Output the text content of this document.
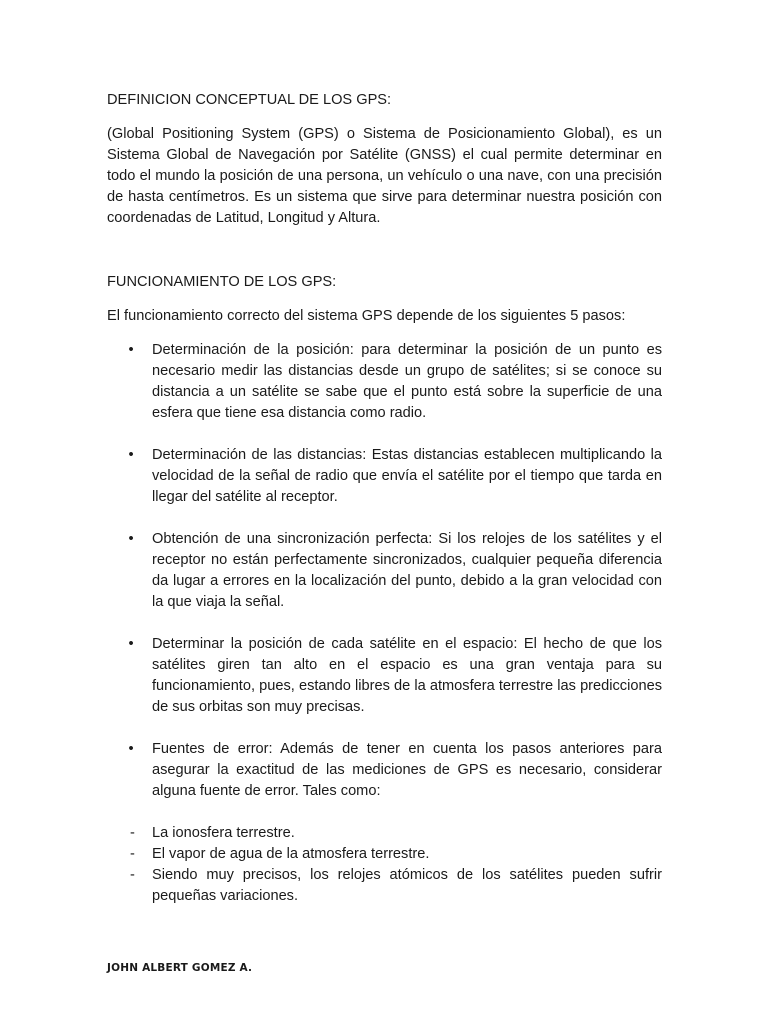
DEFINICION CONCEPTUAL DE LOS GPS:

(Global Positioning System (GPS) o Sistema de Posicionamiento Global), es un Sistema Global de Navegación por Satélite (GNSS) el cual permite determinar en todo el mundo la posición de una persona, un vehículo o una nave, con una precisión de hasta centímetros. Es un sistema que sirve para determinar nuestra posición con coordenadas de Latitud, Longitud y Altura.

FUNCIONAMIENTO DE LOS GPS:

El funcionamiento correcto del sistema GPS depende de los siguientes 5 pasos:

• Determinación de la posición: para determinar la posición de un punto es necesario medir las distancias desde un grupo de satélites; si se conoce su distancia a un satélite se sabe que el punto está sobre la superficie de una esfera que tiene esa distancia como radio.
• Determinación de las distancias: Estas distancias establecen multiplicando la velocidad de la señal de radio que envía el satélite por el tiempo que tarda en llegar del satélite al receptor.
• Obtención de una sincronización perfecta: Si los relojes de los satélites y el receptor no están perfectamente sincronizados, cualquier pequeña diferencia da lugar a errores en la localización del punto, debido a la gran velocidad con la que viaja la señal.
• Determinar la posición de cada satélite en el espacio: El hecho de que los satélites giren tan alto en el espacio es una gran ventaja para su funcionamiento, pues, estando libres de la atmosfera terrestre las predicciones de sus orbitas son muy precisas.
• Fuentes de error: Además de tener en cuenta los pasos anteriores para asegurar la exactitud de las mediciones de GPS es necesario, considerar alguna fuente de error. Tales como:
- La ionosfera terrestre.
- El vapor de agua de la atmosfera terrestre.
- Siendo muy precisos, los relojes atómicos de los satélites pueden sufrir pequeñas variaciones.
JOHN ALBERT GOMEZ A.
